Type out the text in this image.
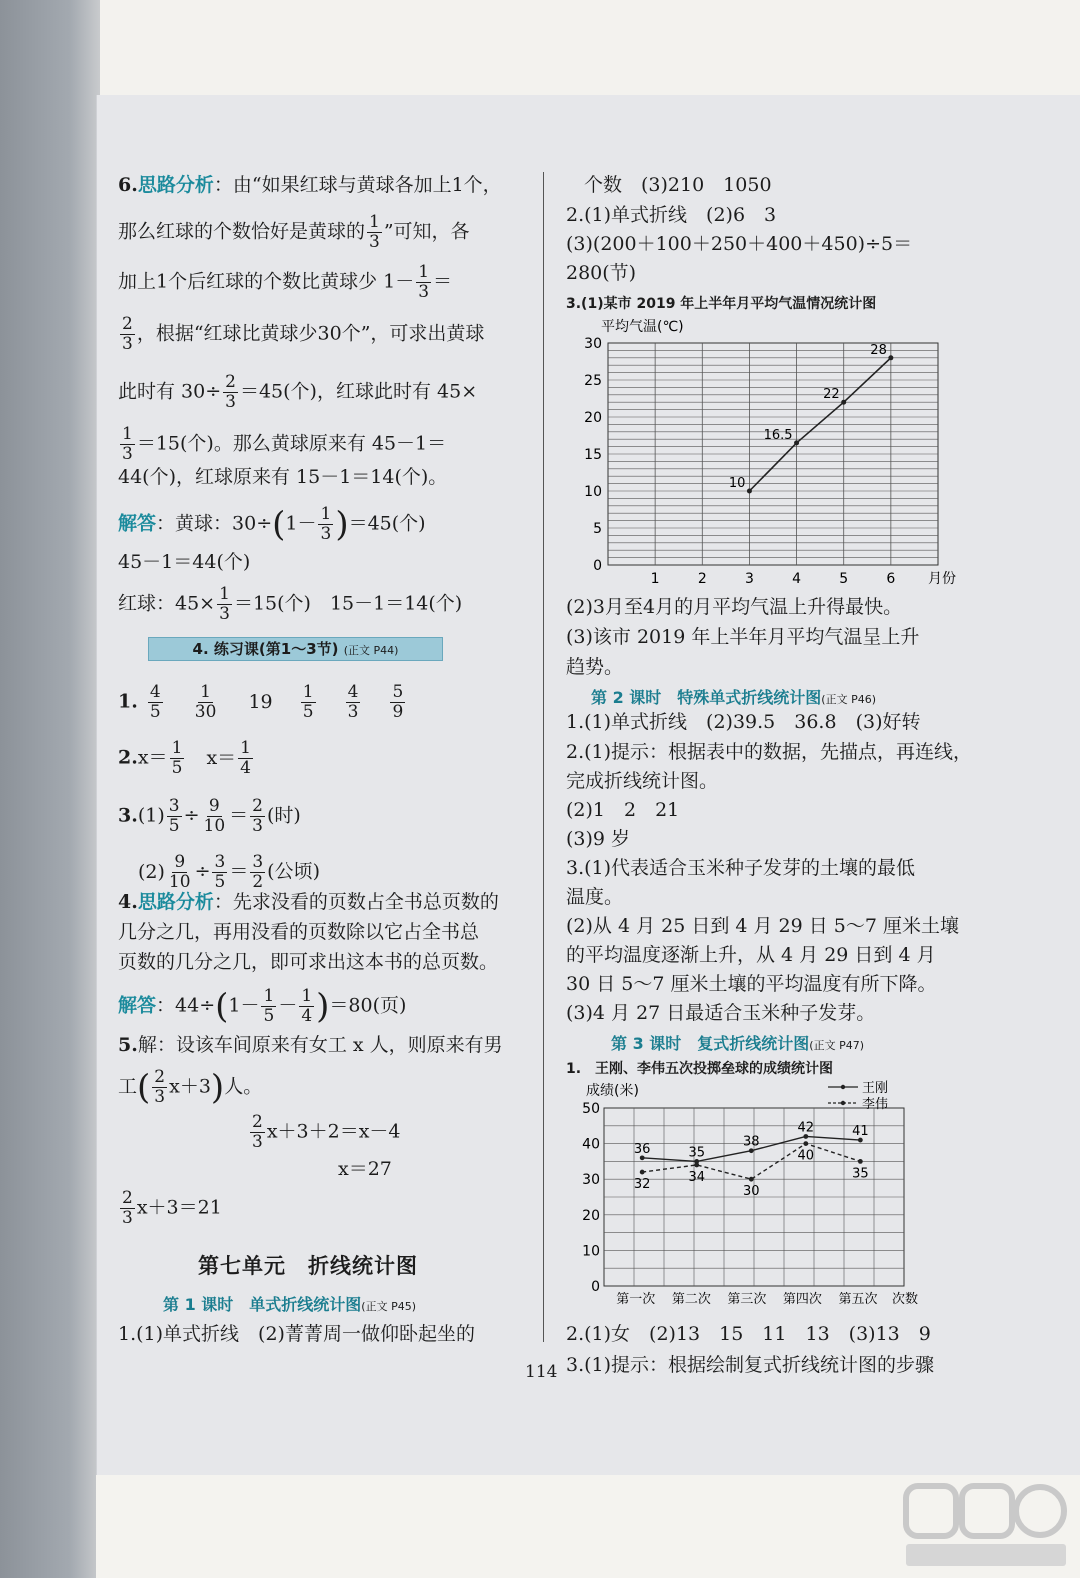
6.思路分析：由“如果红球与黄球各加上1个，
那么红球的个数恰好是黄球的 $\frac{1}{3}$ ”可知，各
加上1个后红球的个数比黄球少 $1- \frac{1}{3}$ ＝
$\frac{2}{3}$ ，根据“红球比黄球少30个”，可求出黄球
此时有 $30\div \frac{2}{3} =45$(个)，红球此时有 45×
$\frac{1}{3} =15$(个)。那么黄球原来有 45－1＝
44(个)，红球原来有 15－1＝14(个)。
解答：黄球：$30\div(1- \frac{1}{3} )=45$(个)
45－1＝44(个)
红球：$45\times \frac{1}{3} =15$(个)　15－1＝14(个)
4. 练习课(第1～3节) (正文 P44)
1. $\frac{4}{5}$
$\frac{1}{30} 19 \frac{1}{5}$
$\frac{4}{3}$
$\frac{5}{9}$
$2.x= \frac{1}{5} x= \frac{1}{4}$
$3.(1) \frac{3}{5} \div \frac{9}{10} = \frac{2}{3}$ (时)
$(2) \frac{9}{10} \div \frac{3}{5} = \frac{3}{2}$ (公顷)
4.思路分析：先求没看的页数占全书总页数的
几分之几，再用没看的页数除以它占全书总
页数的几分之几，即可求出这本书的总页数。
解答：$44\div(1- \frac{1}{5} - \frac{1}{4} )=80$(页)
5.解：设该车间原来有女工 x 人，则原来有男
工( $\frac{2}{3} x+3$)人。
$\frac{2}{3} x+3+2=x-4$
x＝27
$\frac{2}{3} x+3=21$
第七单元　折线统计图
第 1 课时　单式折线统计图(正文 P45)
1.(1)单式折线　(2)菁菁周一做仰卧起坐的
个数　(3)210　1050
2.(1)单式折线　(2)6　3
(3)(200＋100＋250＋400＋450)÷5＝
280(节)
3.(1)某市 2019 年上半年月平均气温情况统计图
平均气温(℃)
0
5
10
15
20
25
30
1	2	3	4	5	6 月份
10
16.5
22
28
(2)3月至4月的月平均气温上升得最快。
(3)该市 2019 年上半年月平均气温呈上升
趋势。
第 2 课时　特殊单式折线统计图(正文 P46)
1.(1)单式折线　(2)39.5　36.8　(3)好转
2.(1)提示：根据表中的数据，先描点，再连线，
完成折线统计图。
(2)1　2　21
(3)9 岁
3.(1)代表适合玉米种子发芽的土壤的最低
温度。
(2)从 4 月 25 日到 4 月 29 日 5～7 厘米土壤
的平均温度逐渐上升，从 4 月 29 日到 4 月
30 日 5～7 厘米土壤的平均温度有所下降。
(3)4 月 27 日最适合玉米种子发芽。
第 3 课时　复式折线统计图(正文 P47)
1.　王刚、李伟五次投掷垒球的成绩统计图
成绩(米)
0
10
20
30
40
50
第一次 第二次 第三次 第四次 第五次 次数
王刚
李伟
36	35
38
42	41
32	34
30
40
35
2.(1)女　(2)13　15　11　13　(3)13　9
3.(1)提示：根据绘制复式折线统计图的步骤
114
